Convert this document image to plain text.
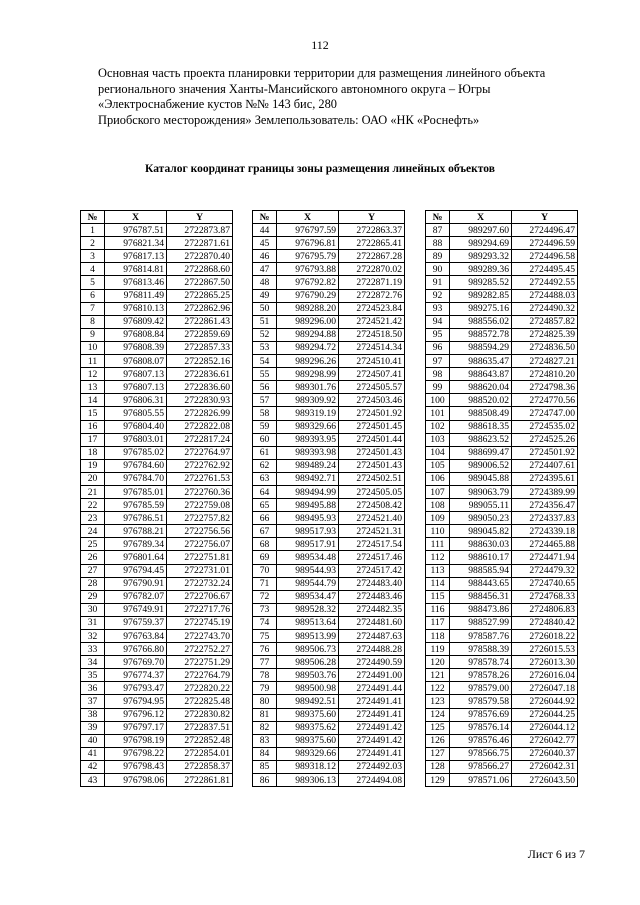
112
Основная часть проекта планировки территории для размещения линейного объекта
регионального значения Ханты-Мансийского автономного округа – Югры
«Электроснабжение кустов №№ 143 бис, 280
Приобского месторождения» Землепользователь: ОАО «НК «Роснефть»
Каталог координат границы зоны размещения линейных объектов
№	X	Y
1	976787.51	2722873.87
2	976821.34	2722871.61
3	976817.13	2722870.40
4	976814.81	2722868.60
5	976813.46	2722867.50
6	976811.49	2722865.25
7	976810.13	2722862.96
8	976809.42	2722861.43
9	976808.84	2722859.69
10	976808.39	2722857.33
11	976808.07	2722852.16
12	976807.13	2722836.61
13	976807.13	2722836.60
14	976806.31	2722830.93
15	976805.55	2722826.99
16	976804.40	2722822.08
17	976803.01	2722817.24
18	976785.02	2722764.97
19	976784.60	2722762.92
20	976784.70	2722761.53
21	976785.01	2722760.36
22	976785.59	2722759.08
23	976786.51	2722757.82
24	976788.21	2722756.56
25	976789.34	2722756.07
26	976801.64	2722751.81
27	976794.45	2722731.01
28	976790.91	2722732.24
29	976782.07	2722706.67
30	976749.91	2722717.76
31	976759.37	2722745.19
32	976763.84	2722743.70
33	976766.80	2722752.27
34	976769.70	2722751.29
35	976774.37	2722764.79
36	976793.47	2722820.22
37	976794.95	2722825.48
38	976796.12	2722830.82
39	976797.17	2722837.51
40	976798.19	2722852.48
41	976798.22	2722854.01
42	976798.43	2722858.37
43	976798.06	2722861.81
№	X	Y
44	976797.59	2722863.37
45	976796.81	2722865.41
46	976795.79	2722867.28
47	976793.88	2722870.02
48	976792.82	2722871.19
49	976790.29	2722872.76
50	989288.20	2724523.84
51	989296.00	2724521.42
52	989294.88	2724518.50
53	989294.72	2724514.34
54	989296.26	2724510.41
55	989298.99	2724507.41
56	989301.76	2724505.57
57	989309.92	2724503.46
58	989319.19	2724501.92
59	989329.66	2724501.45
60	989393.95	2724501.44
61	989393.98	2724501.43
62	989489.24	2724501.43
63	989492.71	2724502.51
64	989494.99	2724505.05
65	989495.88	2724508.42
66	989495.93	2724521.40
67	989517.93	2724521.31
68	989517.91	2724517.54
69	989534.48	2724517.46
70	989544.93	2724517.42
71	989544.79	2724483.40
72	989534.47	2724483.46
73	989528.32	2724482.35
74	989513.64	2724481.60
75	989513.99	2724487.63
76	989506.73	2724488.28
77	989506.28	2724490.59
78	989503.76	2724491.00
79	989500.98	2724491.44
80	989492.51	2724491.41
81	989375.60	2724491.41
82	989375.62	2724491.42
83	989375.60	2724491.42
84	989329.66	2724491.41
85	989318.12	2724492.03
86	989306.13	2724494.08
№	X	Y
87	989297.60	2724496.47
88	989294.69	2724496.59
89	989293.32	2724496.58
90	989289.36	2724495.45
91	989285.52	2724492.55
92	989282.85	2724488.03
93	989275.16	2724490.32
94	988556.02	2724857.82
95	988572.78	2724825.39
96	988594.29	2724836.50
97	988635.47	2724827.21
98	988643.87	2724810.20
99	988620.04	2724798.36
100	988520.02	2724770.56
101	988508.49	2724747.00
102	988618.35	2724535.02
103	988623.52	2724525.26
104	988699.47	2724501.92
105	989006.52	2724407.61
106	989045.88	2724395.61
107	989063.79	2724389.99
108	989055.11	2724356.47
109	989050.23	2724337.83
110	989045.82	2724339.18
111	988630.03	2724465.88
112	988610.17	2724471.94
113	988585.94	2724479.32
114	988443.65	2724740.65
115	988456.31	2724768.33
116	988473.86	2724806.83
117	988527.99	2724840.42
118	978587.76	2726018.22
119	978588.39	2726015.53
120	978578.74	2726013.30
121	978578.26	2726016.04
122	978579.00	2726047.18
123	978579.58	2726044.92
124	978576.69	2726044.25
125	978576.14	2726044.12
126	978576.46	2726042.77
127	978566.75	2726040.37
128	978566.27	2726042.31
129	978571.06	2726043.50
Лист 6 из 7
